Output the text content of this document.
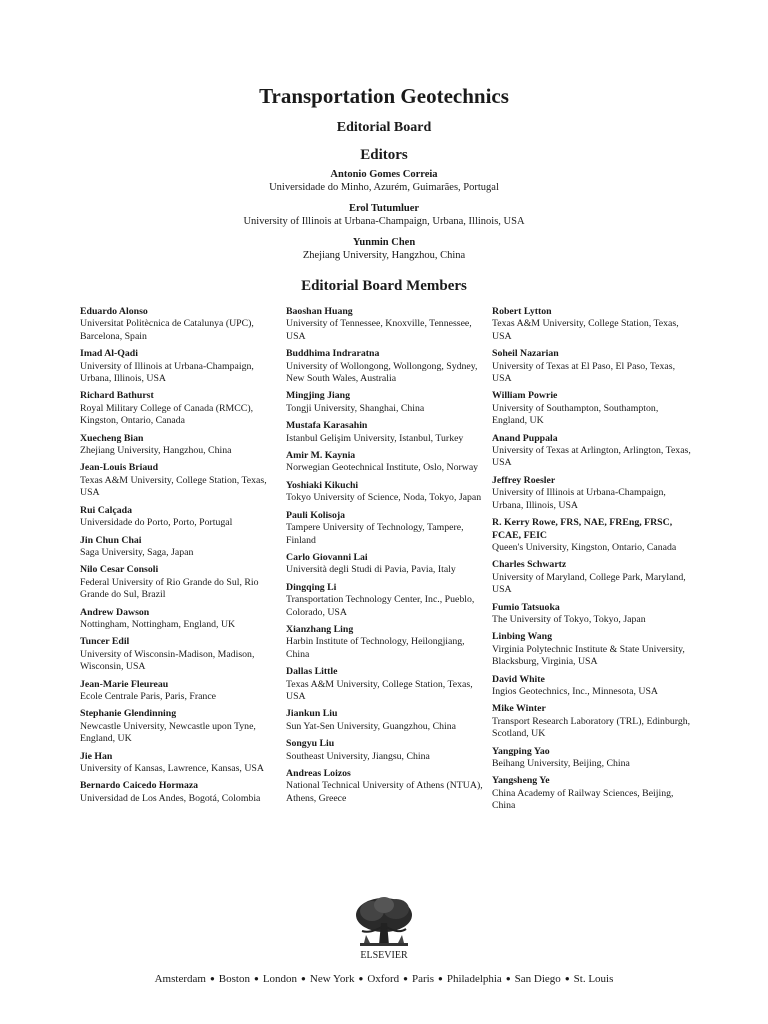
Transportation Geotechnics
Editorial Board
Editors
Antonio Gomes Correia
Universidade do Minho, Azurém, Guimarães, Portugal
Erol Tutumluer
University of Illinois at Urbana-Champaign, Urbana, Illinois, USA
Yunmin Chen
Zhejiang University, Hangzhou, China
Editorial Board Members
Eduardo Alonso
Universitat Politècnica de Catalunya (UPC), Barcelona, Spain
Imad Al-Qadi
University of Illinois at Urbana-Champaign, Urbana, Illinois, USA
Richard Bathurst
Royal Military College of Canada (RMCC), Kingston, Ontario, Canada
Xuecheng Bian
Zhejiang University, Hangzhou, China
Jean-Louis Briaud
Texas A&M University, College Station, Texas, USA
Rui Calçada
Universidade do Porto, Porto, Portugal
Jin Chun Chai
Saga University, Saga, Japan
Nilo Cesar Consoli
Federal University of Rio Grande do Sul, Rio Grande do Sul, Brazil
Andrew Dawson
Nottingham, Nottingham, England, UK
Tuncer Edil
University of Wisconsin-Madison, Madison, Wisconsin, USA
Jean-Marie Fleureau
Ecole Centrale Paris, Paris, France
Stephanie Glendinning
Newcastle University, Newcastle upon Tyne, England, UK
Jie Han
University of Kansas, Lawrence, Kansas, USA
Bernardo Caicedo Hormaza
Universidad de Los Andes, Bogotá, Colombia
Baoshan Huang
University of Tennessee, Knoxville, Tennessee, USA
Buddhima Indraratna
University of Wollongong, Wollongong, Sydney, New South Wales, Australia
Mingjing Jiang
Tongji University, Shanghai, China
Mustafa Karasahin
Istanbul Gelişim University, Istanbul, Turkey
Amir M. Kaynia
Norwegian Geotechnical Institute, Oslo, Norway
Yoshiaki Kikuchi
Tokyo University of Science, Noda, Tokyo, Japan
Pauli Kolisoja
Tampere University of Technology, Tampere, Finland
Carlo Giovanni Lai
Università degli Studi di Pavia, Pavia, Italy
Dingqing Li
Transportation Technology Center, Inc., Pueblo, Colorado, USA
Xianzhang Ling
Harbin Institute of Technology, Heilongjiang, China
Dallas Little
Texas A&M University, College Station, Texas, USA
Jiankun Liu
Sun Yat-Sen University, Guangzhou, China
Songyu Liu
Southeast University, Jiangsu, China
Andreas Loizos
National Technical University of Athens (NTUA), Athens, Greece
Robert Lytton
Texas A&M University, College Station, Texas, USA
Soheil Nazarian
University of Texas at El Paso, El Paso, Texas, USA
William Powrie
University of Southampton, Southampton, England, UK
Anand Puppala
University of Texas at Arlington, Arlington, Texas, USA
Jeffrey Roesler
University of Illinois at Urbana-Champaign, Urbana, Illinois, USA
R. Kerry Rowe, FRS, NAE, FREng, FRSC, FCAE, FEIC
Queen's University, Kingston, Ontario, Canada
Charles Schwartz
University of Maryland, College Park, Maryland, USA
Fumio Tatsuoka
The University of Tokyo, Tokyo, Japan
Linbing Wang
Virginia Polytechnic Institute & State University, Blacksburg, Virginia, USA
David White
Ingios Geotechnics, Inc., Minnesota, USA
Mike Winter
Transport Research Laboratory (TRL), Edinburgh, Scotland, UK
Yangping Yao
Beihang University, Beijing, China
Yangsheng Ye
China Academy of Railway Sciences, Beijing, China
ELSEVIER
Amsterdam ● Boston ● London ● New York ● Oxford ● Paris ● Philadelphia ● San Diego ● St. Louis
